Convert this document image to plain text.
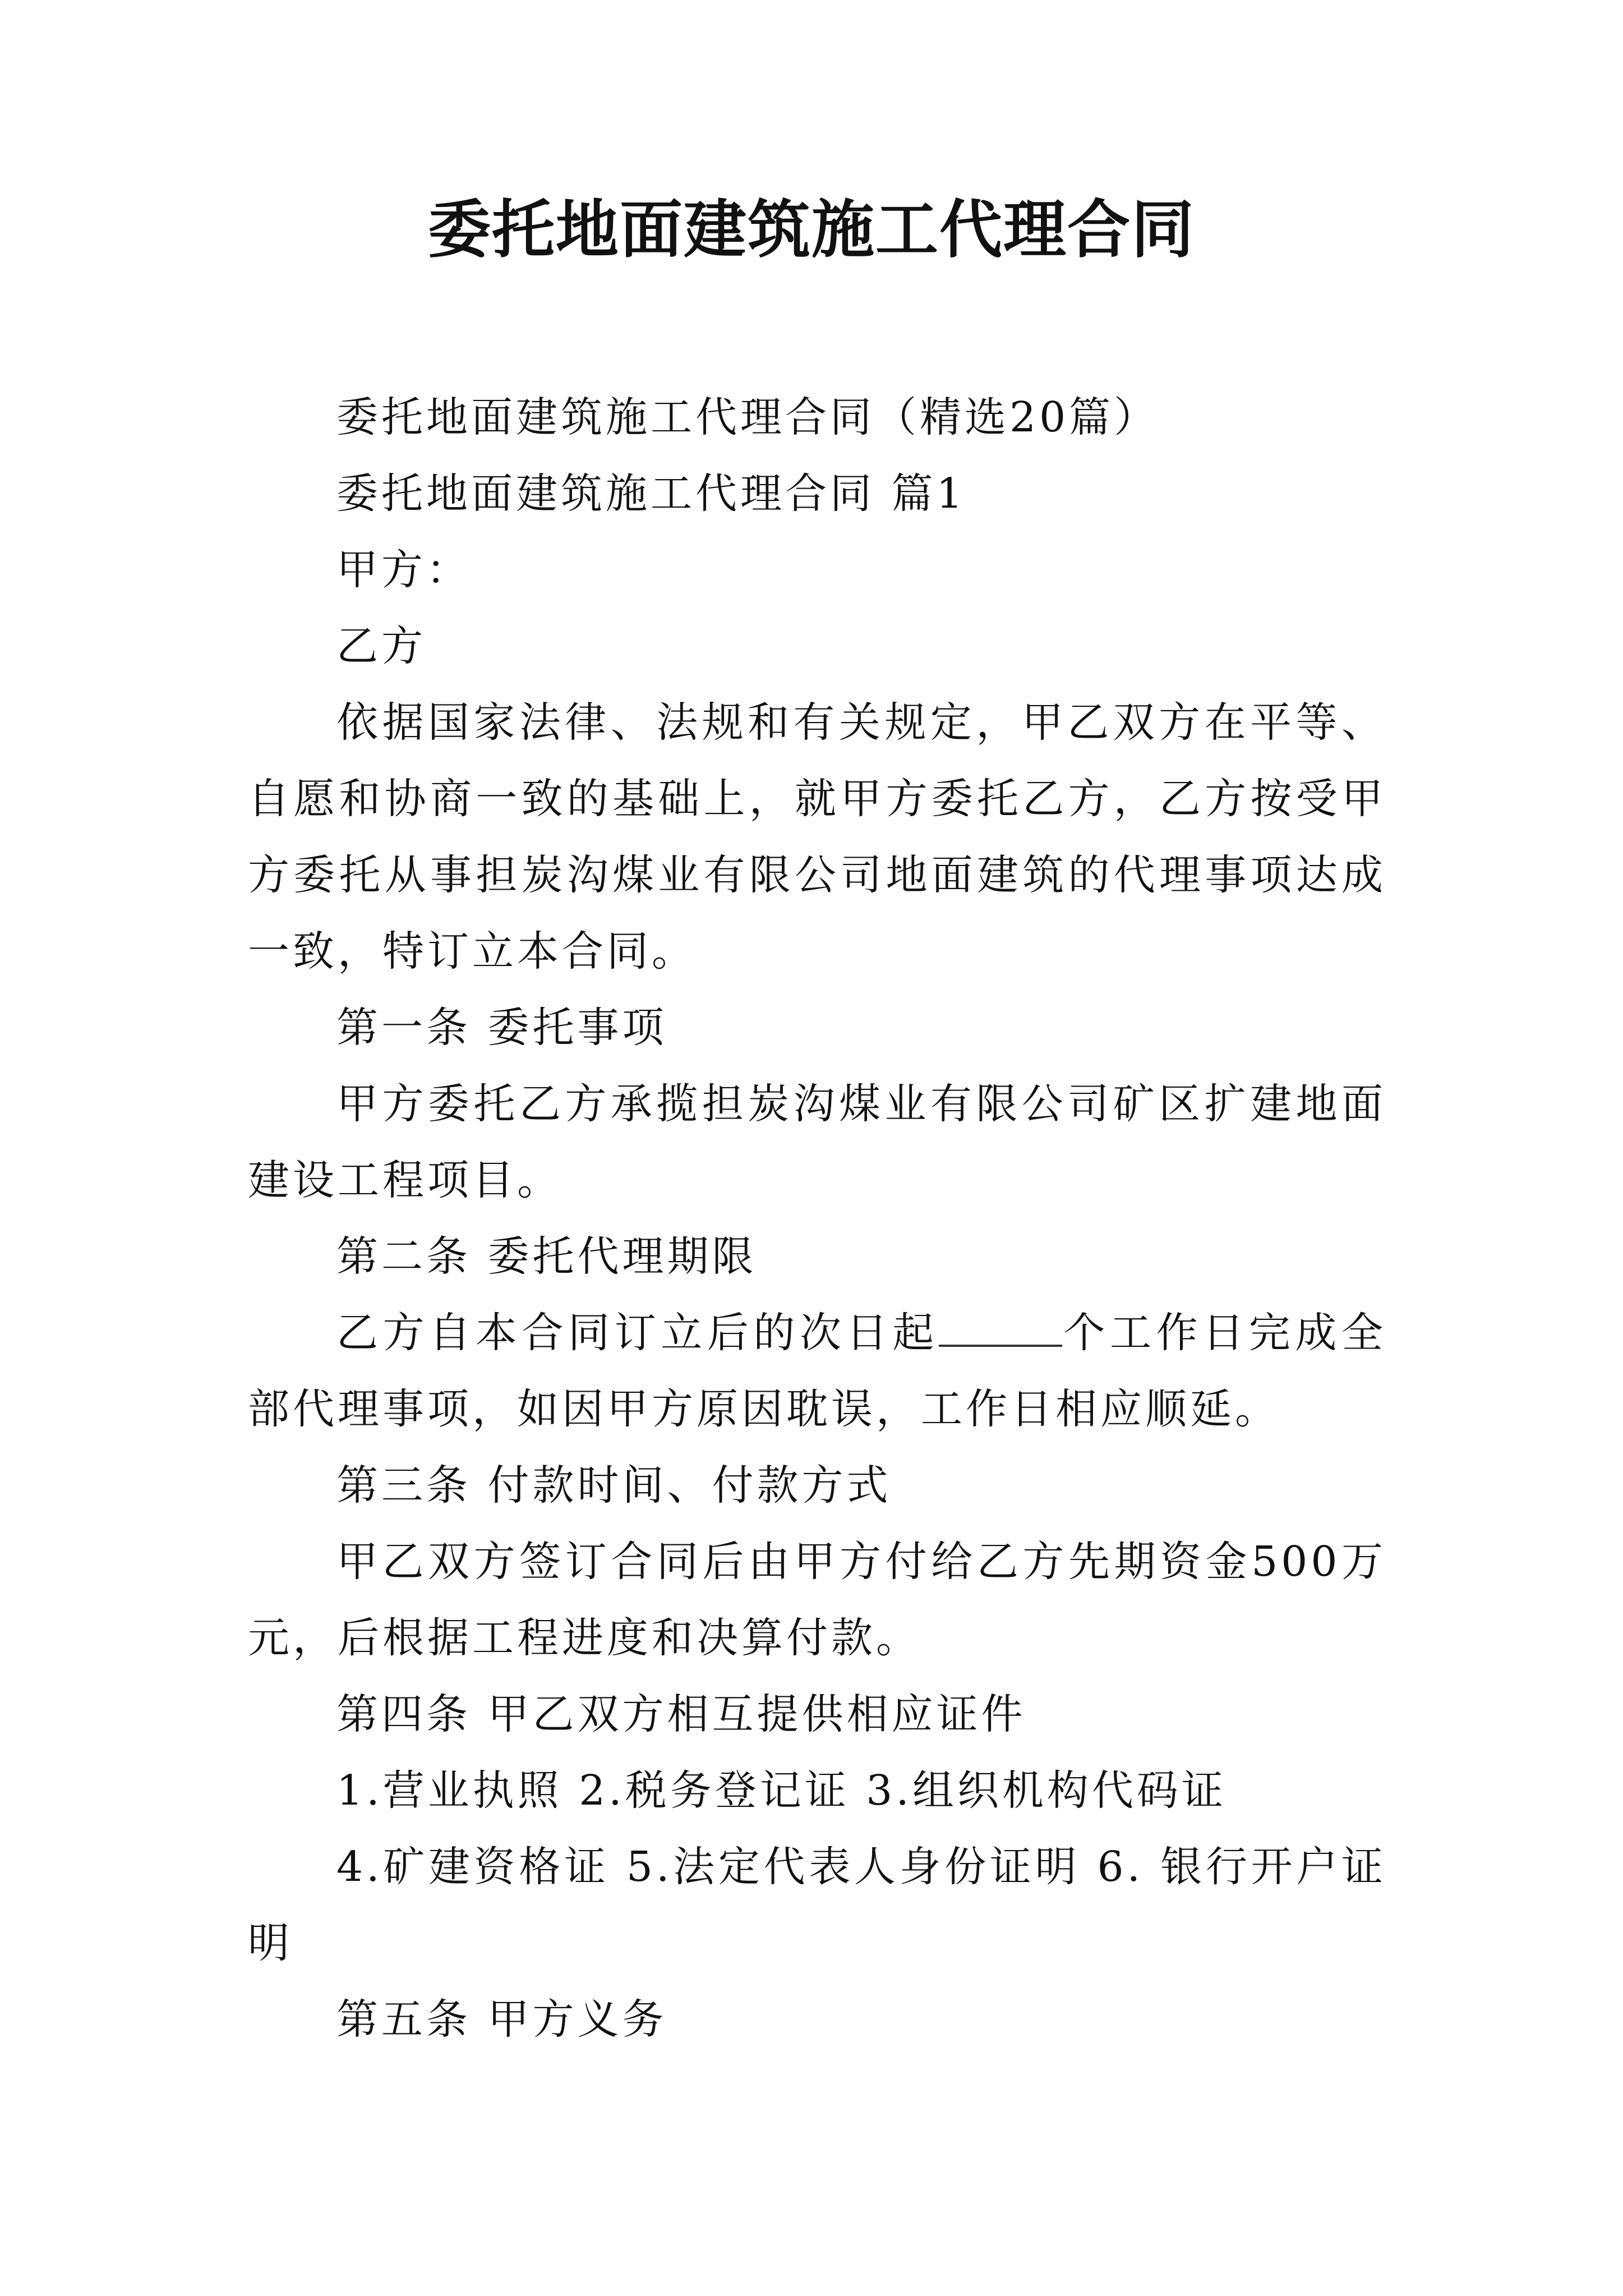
委托地面建筑施工代理合同

委托地面建筑施工代理合同（精选20篇）

委托地面建筑施工代理合同 篇1

甲方：

乙方

依据国家法律、法规和有关规定，甲乙双方在平等、自愿和协商一致的基础上，就甲方委托乙方，乙方按受甲方委托从事担炭沟煤业有限公司地面建筑的代理事项达成一致，特订立本合同。

第一条 委托事项

甲方委托乙方承揽担炭沟煤业有限公司矿区扩建地面建设工程项目。

第二条 委托代理期限

乙方自本合同订立后的次日起	个工作日完成全部代理事项，如因甲方原因耽误，工作日相应顺延。

第三条 付款时间、付款方式

甲乙双方签订合同后由甲方付给乙方先期资金500万元，后根据工程进度和决算付款。

第四条 甲乙双方相互提供相应证件

1.营业执照 2.税务登记证 3.组织机构代码证

4.矿建资格证 5.法定代表人身份证明 6. 银行开户证明

第五条 甲方义务
